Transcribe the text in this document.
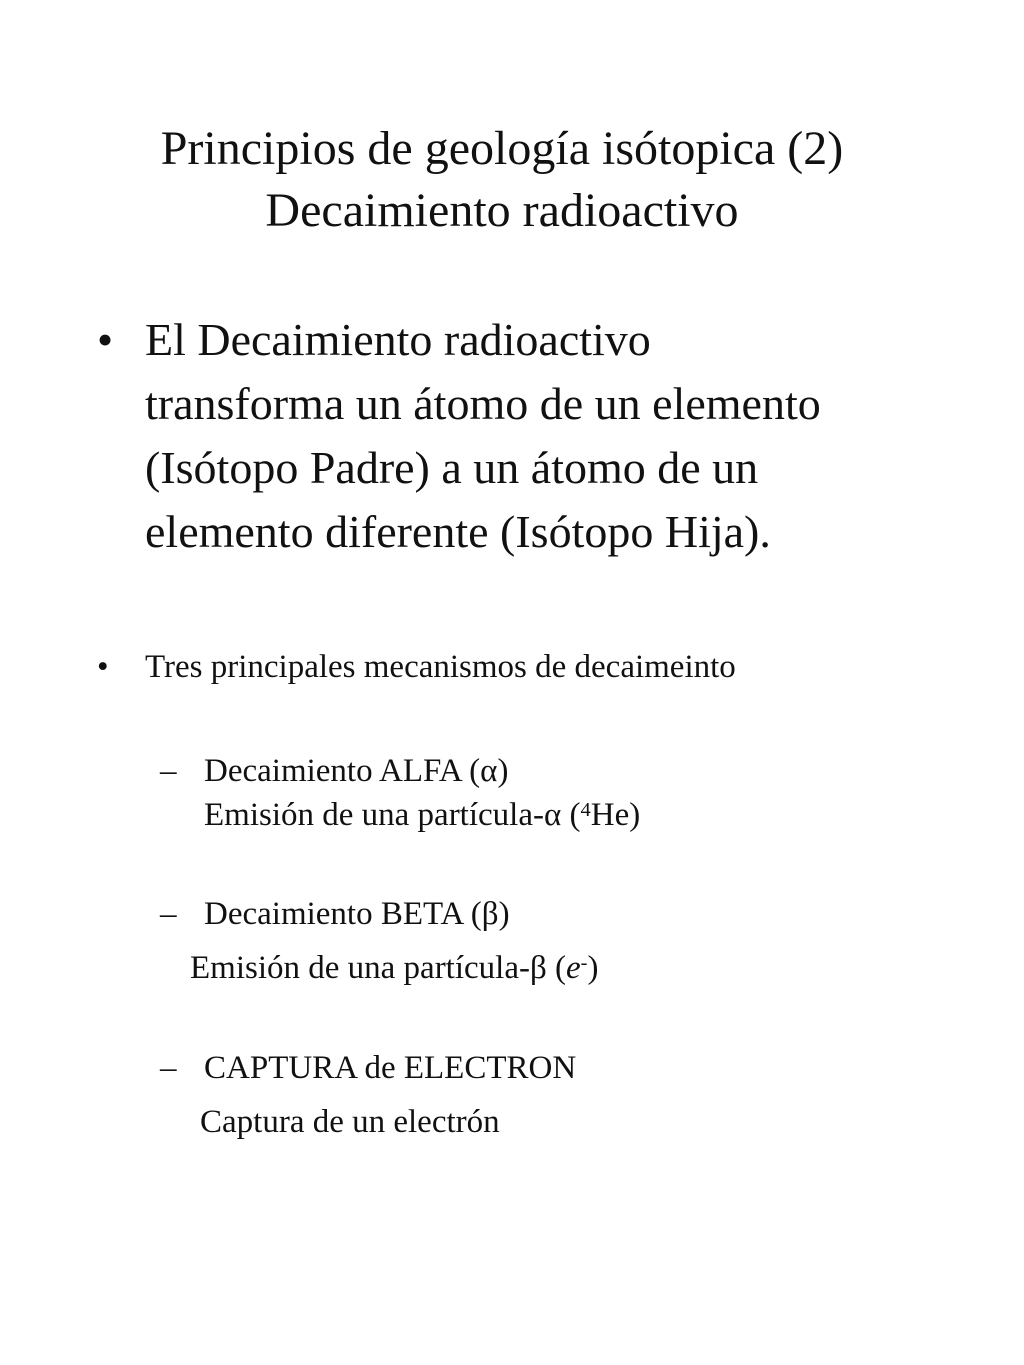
Principios de geología isótopica (2)
Decaimiento radioactivo
• El Decaimiento radioactivo
transforma un átomo de un elemento
(Isótopo Padre) a un átomo de un
elemento diferente (Isótopo Hija).
• Tres principales mecanismos de decaimeinto
– Decaimiento ALFA (α)
Emisión de una partícula-α ($^4$He)
– Decaimiento BETA (β)
Emisión de una partícula-β (e-)
– CAPTURA de ELECTRON
Captura de un electrón
